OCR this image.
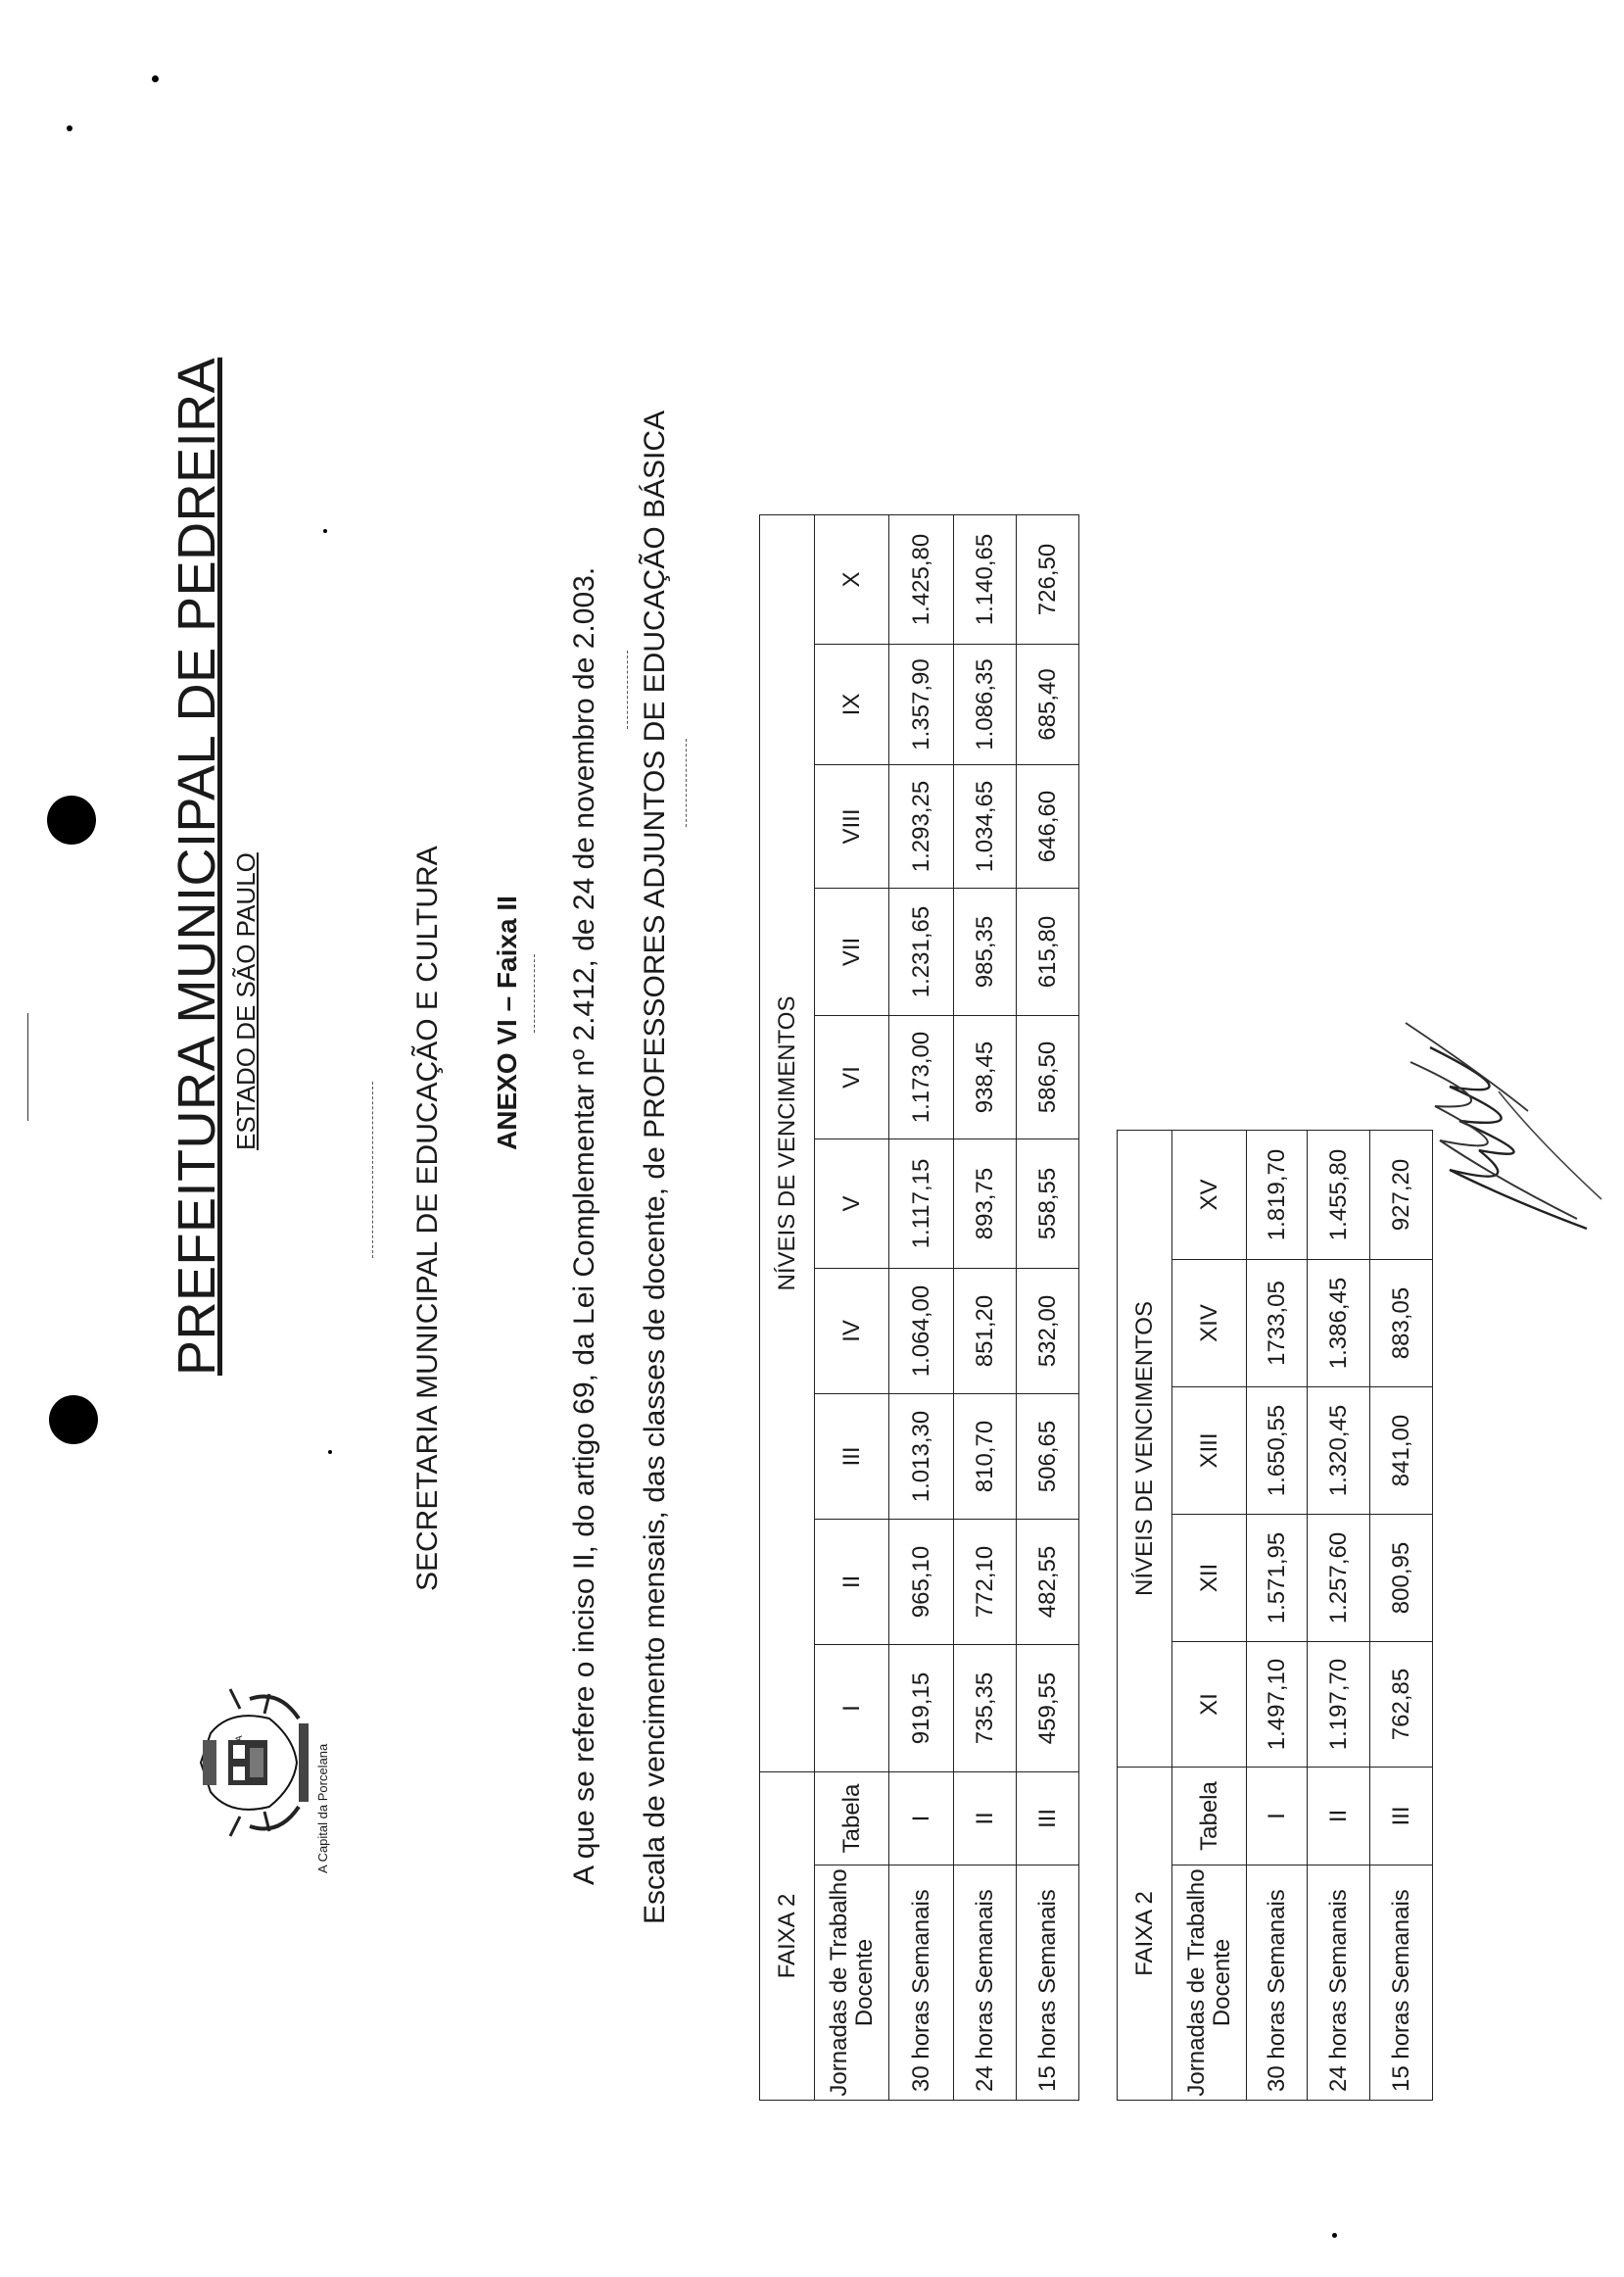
A Capital da Porcelana
PREFEITURA MUNICIPAL DE PEDREIRA ESTADO DE SÃO PAULO	SECRETARIA MUNICIPAL DE EDUCAÇÃO E CULTURA ANEXO VI – Faixa II A que se refere o inciso II, do artigo 69, da Lei Complementar nº 2.412, de 24 de novembro de 2.003. Escala de vencimento mensais, das classes de docente, de PROFESSORES ADJUNTOS DE EDUCAÇÃO BÁSICA
FAIXA 2		NÍVEIS DE VENCIMENTOS									
Jornadas de Trabalho Docente	Tabela	I	II	III	IV	V	VI	VII	VIII	IX	X
30 horas Semanais	I	919,15	965,10	1.013,30	1.064,00	1.117,15	1.173,00	1.231,65	1.293,25	1.357,90	1.425,80
24 horas Semanais	II	735,35	772,10	810,70	851,20	893,75	938,45	985,35	1.034,65	1.086,35	1.140,65
15 horas Semanais	III	459,55	482,55	506,65	532,00	558,55	586,50	615,80	646,60	685,40	726,50
FAIXA 2		NÍVEIS DE VENCIMENTOS				
Jornadas de Trabalho Docente	Tabela	XI	XII	XIII	XIV	XV
30 horas Semanais	I	1.497,10	1.571,95	1.650,55	1733,05	1.819,70
24 horas Semanais	II	1.197,70	1.257,60	1.320,45	1.386,45	1.455,80
15 horas Semanais	III	762,85	800,95	841,00	883,05	927,20
